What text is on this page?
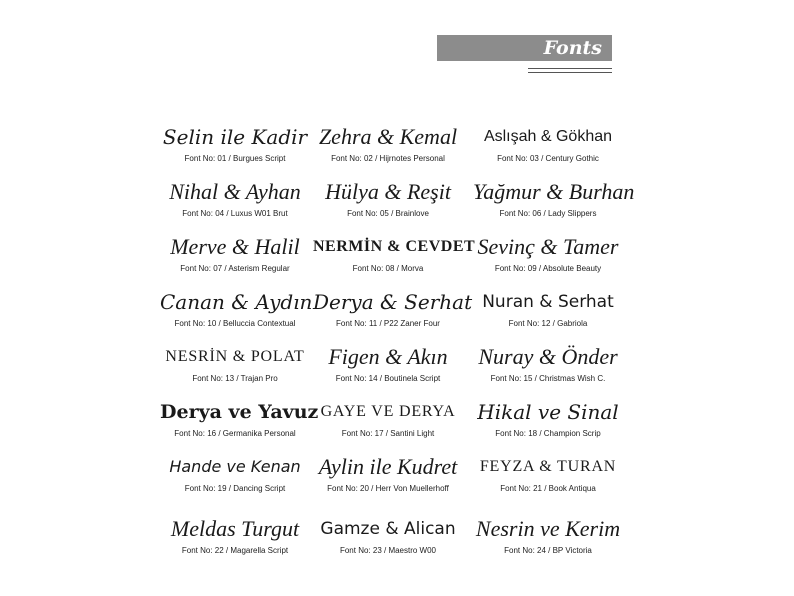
Fonts
Selin ile Kadir
Font No: 01 / Burgues Script
Zehra & Kemal
Font No: 02 / Hijrnotes Personal
Aslışah & Gökhan
Font No: 03 / Century Gothic
Nihal & Ayhan
Font No: 04 / Luxus W01 Brut
Hülya & Reşit
Font No: 05 / Brainlove
Yağmur & Burhan
Font No: 06 / Lady Slippers
Merve & Halil
Font No: 07 / Asterism Regular
NERMİN & CEVDET
Font No: 08 / Morva
Sevinç & Tamer
Font No: 09 / Absolute Beauty
Canan & Aydın
Font No: 10 / Belluccia Contextual
Derya & Serhat
Font No: 11 / P22 Zaner Four
Nuran & Serhat
Font No: 12 / Gabriola
NESRİN & POLAT
Font No: 13 / Trajan Pro
Figen & Akın
Font No: 14 / Boutinela Script
Nuray & Önder
Font No: 15 / Christmas Wish C.
Derya ve Yavuz
Font No: 16 / Germanika Personal
GAYE VE DERYA
Font No: 17 / Santini Light
Hikal ve Sinal
Font No: 18 / Champion Scrip
Hande ve Kenan
Font No: 19 / Dancing Script
Aylin ile Kudret
Font No: 20 / Herr Von Muellerhoff
FEYZA & TURAN
Font No: 21 / Book Antiqua
Meldas Turgut
Font No: 22 / Magarella Script
Gamze & Alican
Font No: 23 / Maestro W00
Nesrin ve Kerim
Font No: 24 / BP Victoria
